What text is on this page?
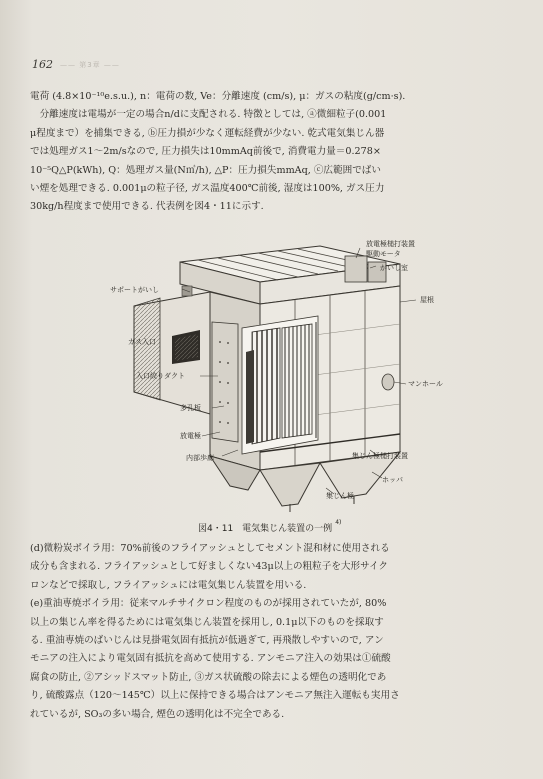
—— 第3章 ——
162
電荷 (4.8×10⁻¹⁰e.s.u.), n：電荷の数, Ve：分離速度 (cm/s), μ：ガスの粘度(g/cm·s).
　分離速度は電場が一定の場合n/dに支配される. 特徴としては, ⓐ微細粒子(0.001
μ程度まで）を捕集できる, ⓑ圧力損が少なく運転経費が少ない. 乾式電気集じん器
では処理ガス1～2m/sなので, 圧力損失は10mmAq前後で, 消費電力量＝0.278×
10⁻⁵Q△P(kWh), Q：処理ガス量(N㎥/h), △P：圧力損失mmAq, ⓒ広範囲でばい
い煙を処理できる. 0.001μの粒子径, ガス温度400℃前後, 湿度は100%, ガス圧力
30kg/h程度まで使用できる. 代表例を図4・11に示す.
放電極槌打装置
駆動モータ
がいし室
サポートがいし
屋根
ガス入口
入口絞りダクト
マンホール
多孔板
放電極
内部歩廊	集じん極槌打装置
ホッパ
集じん極
図4・11　電気集じん装置の一例$^{4)}$
(d)微粉炭ボイラ用：70%前後のフライアッシュとしてセメント混和材に使用される
成分も含まれる. フライアッシュとして好ましくない43μ以上の粗粒子を大形サイク
ロンなどで採取し, フライアッシュには電気集じん装置を用いる.
(e)重油専焼ボイラ用：従来マルチサイクロン程度のものが採用されていたが, 80%
以上の集じん率を得るためには電気集じん装置を採用し, 0.1μ以下のものを採取す
る. 重油専焼のばいじんは見掛電気固有抵抗が低過ぎて, 再飛散しやすいので, アン
モニアの注入により電気固有抵抗を高めて使用する. アンモニア注入の効果は①硫酸
腐食の防止, ②アシッドスマット防止, ③ガス状硫酸の除去による煙色の透明化であ
り, 硫酸露点（120～145℃）以上に保持できる場合はアンモニア無注入運転も実用さ
れているが, SO₃の多い場合, 煙色の透明化は不完全である.
